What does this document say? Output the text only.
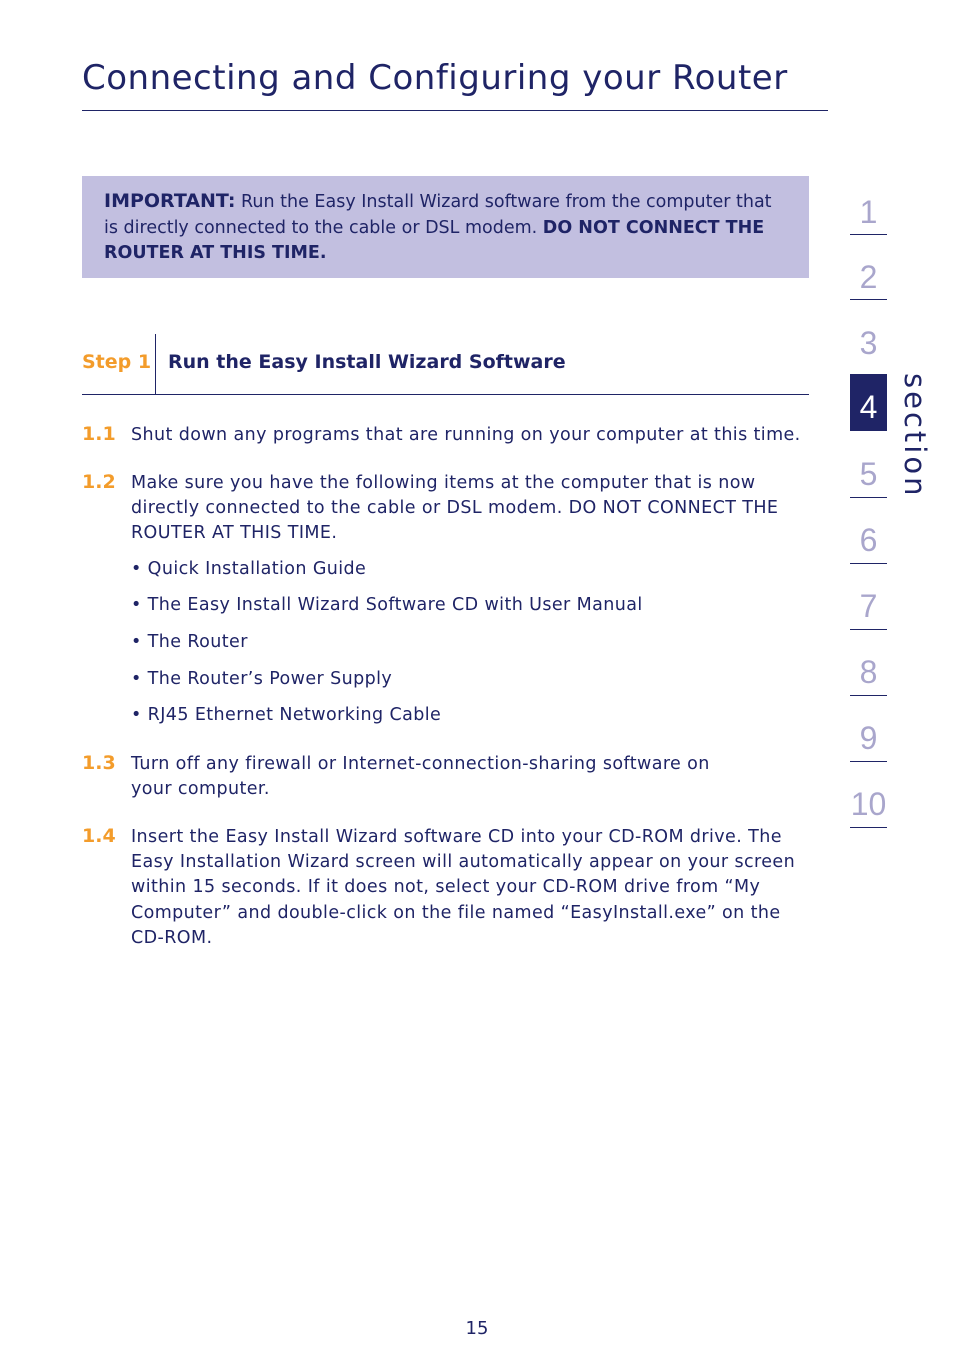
Connecting and Configuring your Router
IMPORTANT: Run the Easy Install Wizard software from the computer that is directly connected to the cable or DSL modem. DO NOT CONNECT THE ROUTER AT THIS TIME.
Step 1 Run the Easy Install Wizard Software
1.1 Shut down any programs that are running on your computer at this time.
1.2 Make sure you have the following items at the computer that is now directly connected to the cable or DSL modem. DO NOT CONNECT THE ROUTER AT THIS TIME.
• Quick Installation Guide
• The Easy Install Wizard Software CD with User Manual
• The Router
• The Router’s Power Supply
• RJ45 Ethernet Networking Cable
1.3 Turn off any firewall or Internet-connection-sharing software on your computer.
1.4 Insert the Easy Install Wizard software CD into your CD-ROM drive. The Easy Installation Wizard screen will automatically appear on your screen within 15 seconds. If it does not, select your CD-ROM drive from “My Computer” and double-click on the file named “EasyInstall.exe” on the CD-ROM.
1
2
3
4
5
6
7
8
9
10
section
15
